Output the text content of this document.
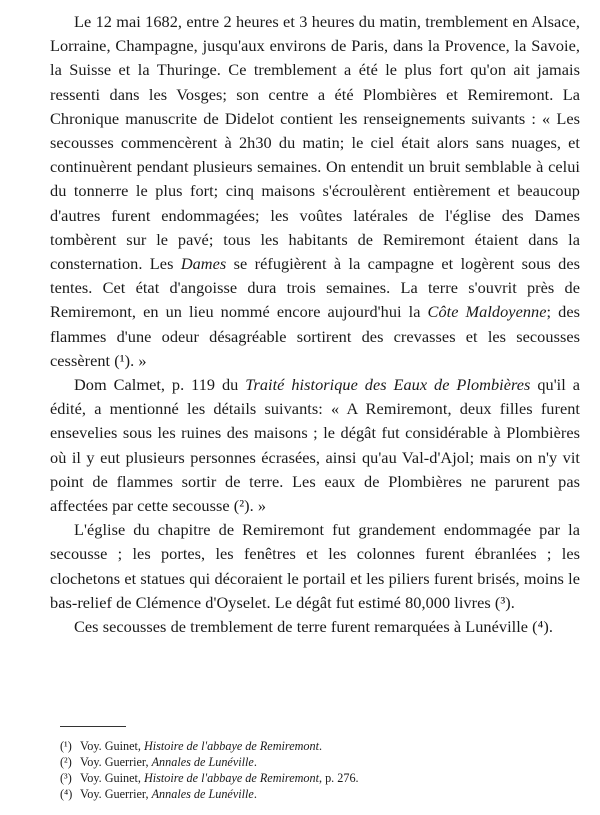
Le 12 mai 1682, entre 2 heures et 3 heures du matin, tremblement en Alsace, Lorraine, Champagne, jusqu'aux environs de Paris, dans la Provence, la Savoie, la Suisse et la Thuringe. Ce tremblement a été le plus fort qu'on ait jamais ressenti dans les Vosges; son centre a été Plombières et Remiremont. La Chronique manuscrite de Didelot contient les renseignements suivants : « Les secousses commencèrent à 2h30 du matin; le ciel était alors sans nuages, et continuèrent pendant plusieurs semaines. On entendit un bruit semblable à celui du tonnerre le plus fort; cinq maisons s'écroulèrent entièrement et beaucoup d'autres furent endommagées; les voûtes latérales de l'église des Dames tombèrent sur le pavé; tous les habitants de Remiremont étaient dans la consternation. Les Dames se réfugièrent à la campagne et logèrent sous des tentes. Cet état d'angoisse dura trois semaines. La terre s'ouvrit près de Remiremont, en un lieu nommé encore aujourd'hui la Côte Maldoyenne; des flammes d'une odeur désagréable sortirent des crevasses et les secousses cessèrent (¹). »

Dom Calmet, p. 119 du Traité historique des Eaux de Plombières qu'il a édité, a mentionné les détails suivants: « A Remiremont, deux filles furent ensevelies sous les ruines des maisons ; le dégât fut considérable à Plombières où il y eut plusieurs personnes écrasées, ainsi qu'au Val-d'Ajol; mais on n'y vit point de flammes sortir de terre. Les eaux de Plombières ne parurent pas affectées par cette secousse (²). »

L'église du chapitre de Remiremont fut grandement endommagée par la secousse ; les portes, les fenêtres et les colonnes furent ébranlées ; les clochetons et statues qui décoraient le portail et les piliers furent brisés, moins le bas-relief de Clémence d'Oyselet. Le dégât fut estimé 80,000 livres (³).

Ces secousses de tremblement de terre furent remarquées à Lunéville (⁴).

(¹) Voy. Guinet, Histoire de l'abbaye de Remiremont.

(²) Voy. Guerrier, Annales de Lunéville.

(³) Voy. Guinet, Histoire de l'abbaye de Remiremont, p. 276.

(⁴) Voy. Guerrier, Annales de Lunéville.
